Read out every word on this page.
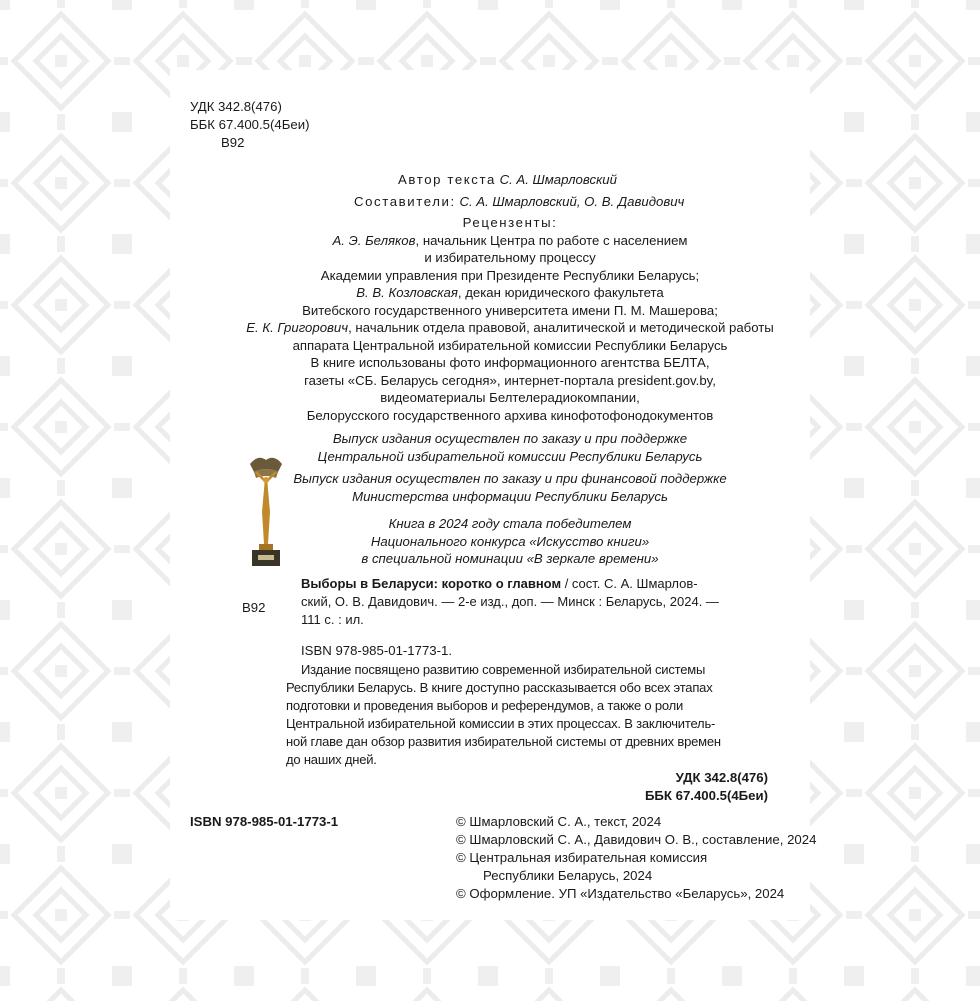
УДК 342.8(476)
ББК 67.400.5(4Беи)
В92
Автор текста С. А. Шмарловский
Составители: С. А. Шмарловский, О. В. Давидович
Рецензенты:
А. Э. Беляков, начальник Центра по работе с населением
и избирательному процессу
Академии управления при Президенте Республики Беларусь;
В. В. Козловская, декан юридического факультета
Витебского государственного университета имени П. М. Машерова;
Е. К. Григорович, начальник отдела правовой, аналитической и методической работы
аппарата Центральной избирательной комиссии Республики Беларусь
В книге использованы фото информационного агентства БЕЛТА,
газеты «СБ. Беларусь сегодня», интернет-портала president.gov.by,
видеоматериалы Белтелерадиокомпании,
Белорусского государственного архива кинофотофонодокументов
Выпуск издания осуществлен по заказу и при поддержке
Центральной избирательной комиссии Республики Беларусь
Выпуск издания осуществлен по заказу и при финансовой поддержке
Министерства информации Республики Беларусь
Книга в 2024 году стала победителем
Национального конкурса «Искусство книги»
в специальной номинации «В зеркале времени»
В92
Выборы в Беларуси: коротко о главном / сост. С. А. Шмарлов-
ский, О. В. Давидович. — 2-е изд., доп. — Минск : Беларусь, 2024. —
111 с. : ил.
ISBN 978-985-01-1773-1.
Издание посвящено развитию современной избирательной системы
Республики Беларусь. В книге доступно рассказывается обо всех этапах
подготовки и проведения выборов и референдумов, а также о роли
Центральной избирательной комиссии в этих процессах. В заключитель-
ной главе дан обзор развития избирательной системы от древних времен
до наших дней.
УДК 342.8(476)
ББК 67.400.5(4Беи)
ISBN 978-985-01-1773-1	© Шмарловский С. А., текст, 2024
© Шмарловский С. А., Давидович О. В., составление, 2024
© Центральная избирательная комиссия
Республики Беларусь, 2024
© Оформление. УП «Издательство «Беларусь», 2024
